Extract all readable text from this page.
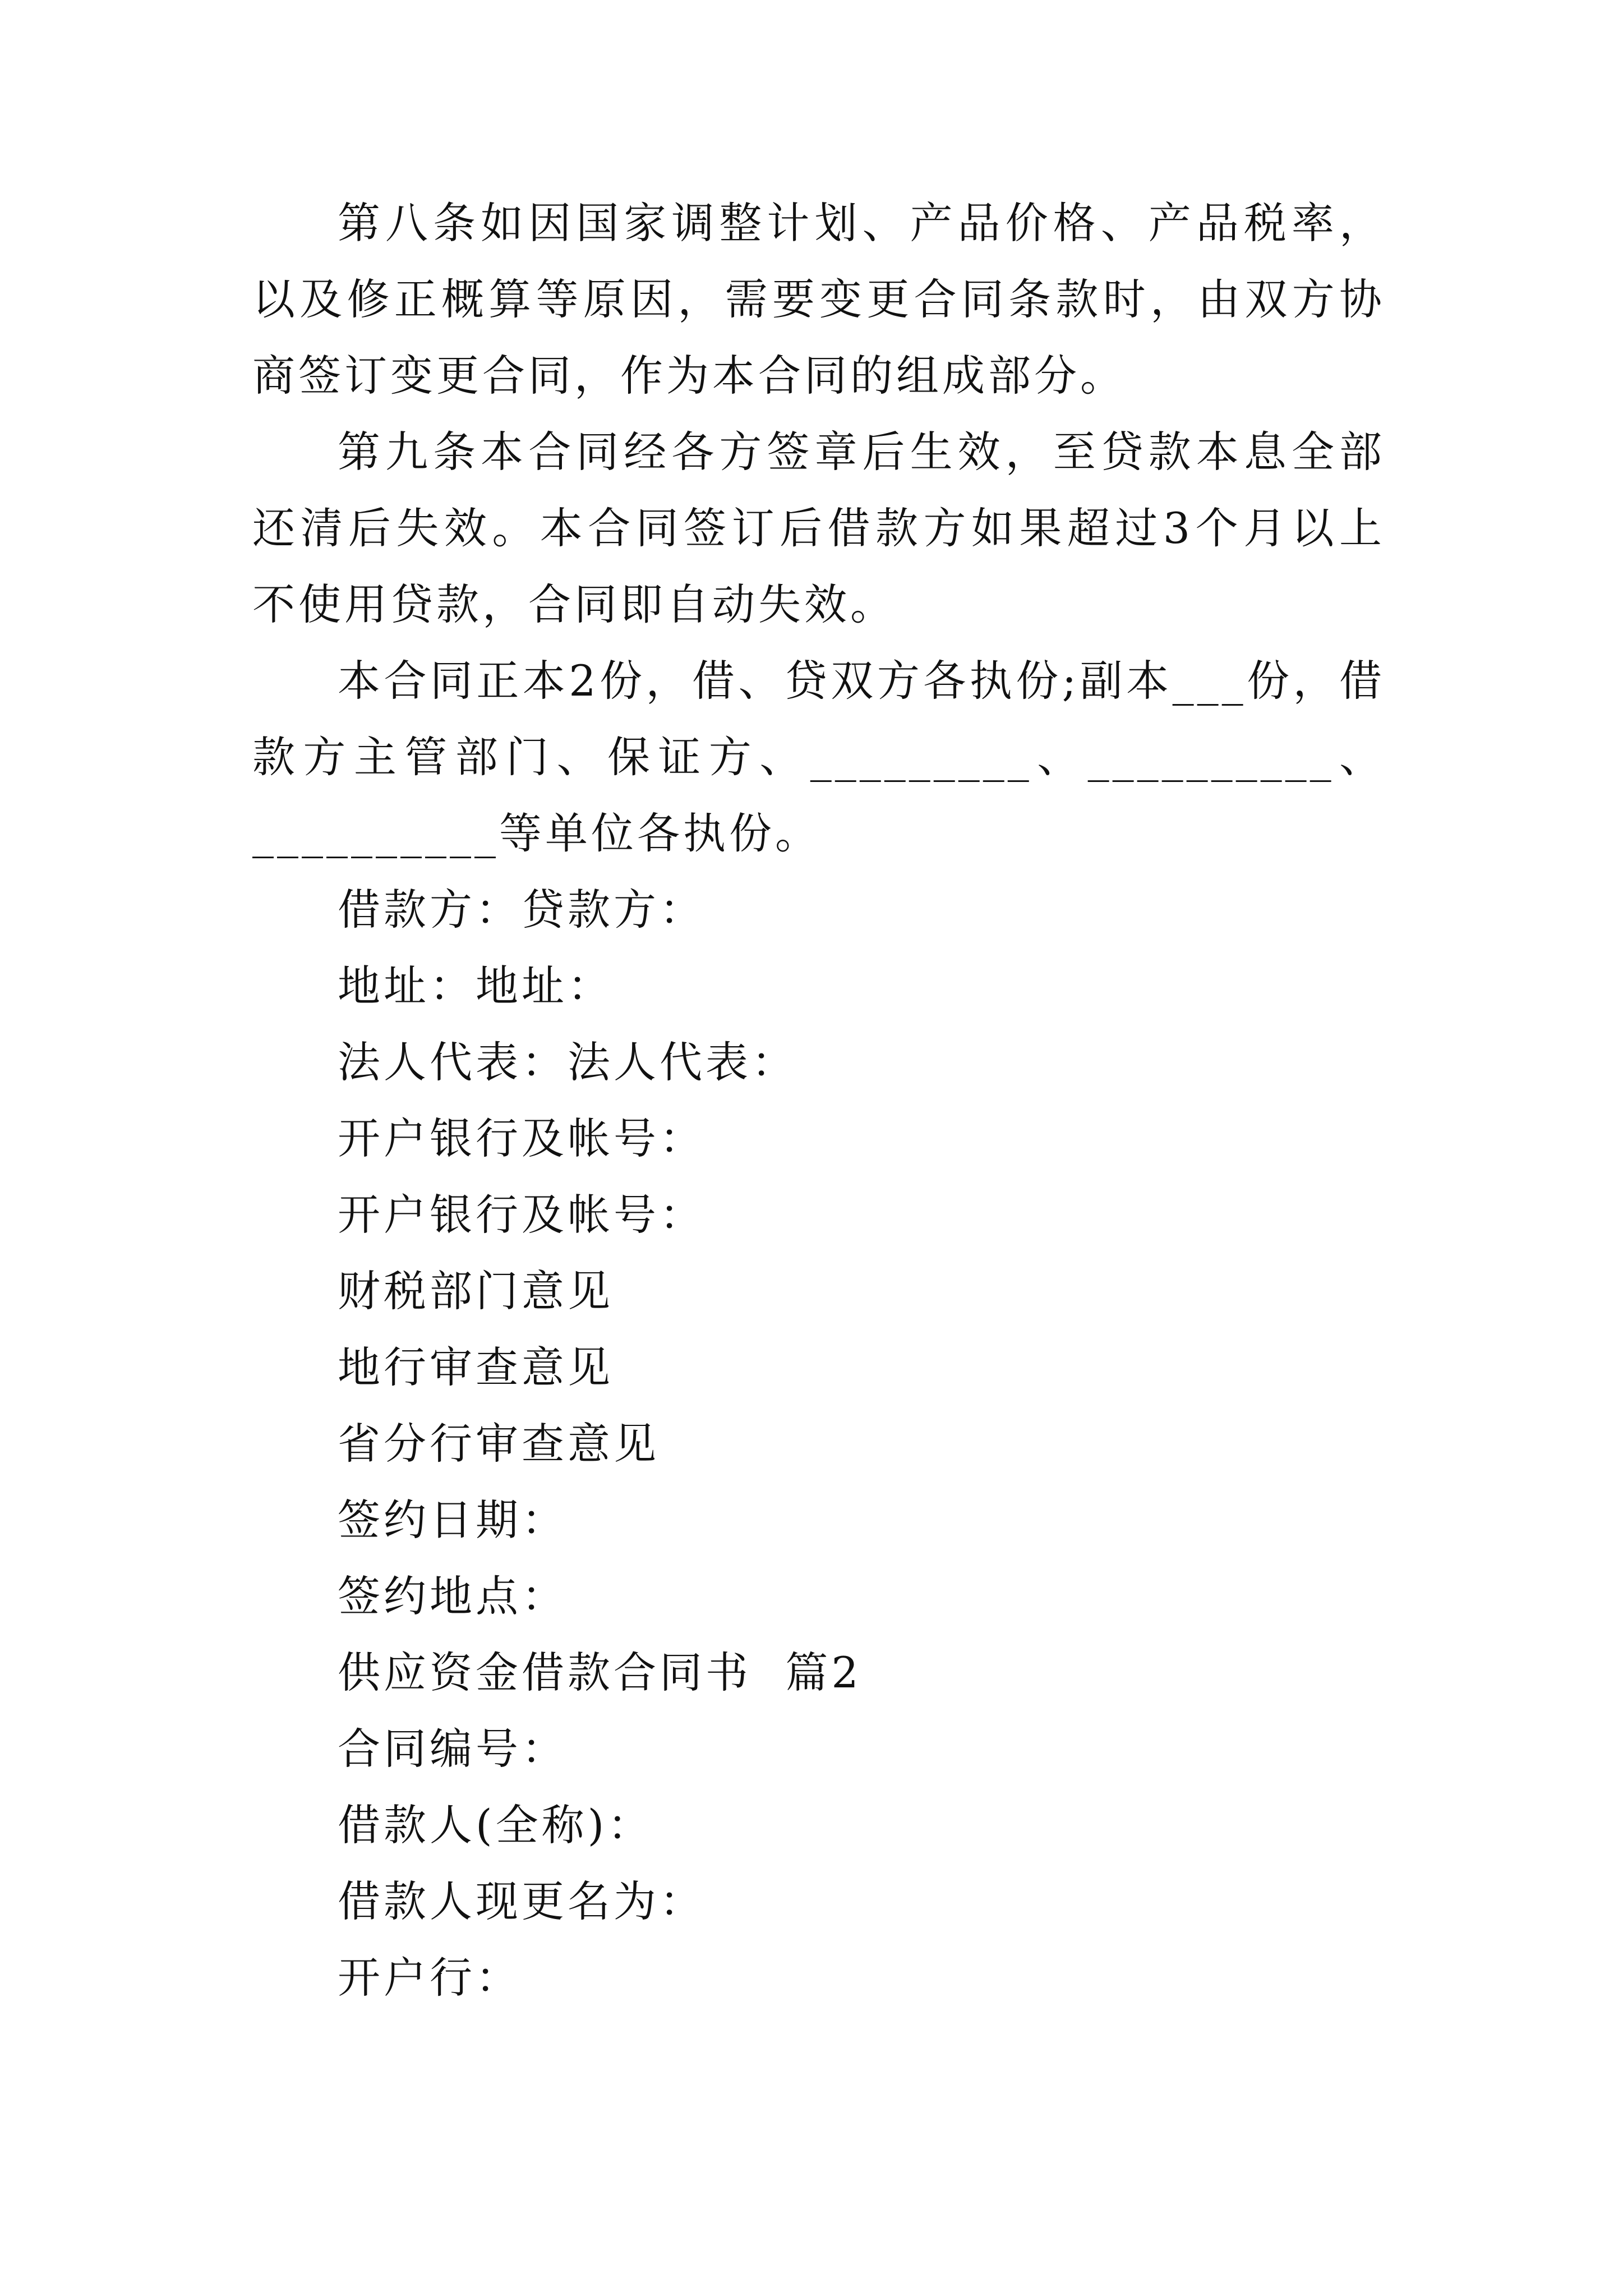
第八条如因国家调整计划、产品价格、产品税率，以及修正概算等原因，需要变更合同条款时，由双方协商签订变更合同，作为本合同的组成部分。

第九条本合同经各方签章后生效，至贷款本息全部还清后失效。本合同签订后借款方如果超过3个月以上不使用贷款，合同即自动失效。

本合同正本2份，借、贷双方各执份;副本___份，借款方主管部门、保证方、_________、__________、__________等单位各执份。

借款方：贷款方：

地址：地址：

法人代表：法人代表：

开户银行及帐号：

开户银行及帐号：

财税部门意见

地行审查意见

省分行审查意见

签约日期：

签约地点：

供应资金借款合同书  篇2

合同编号：

借款人(全称)：

借款人现更名为：

开户行：
